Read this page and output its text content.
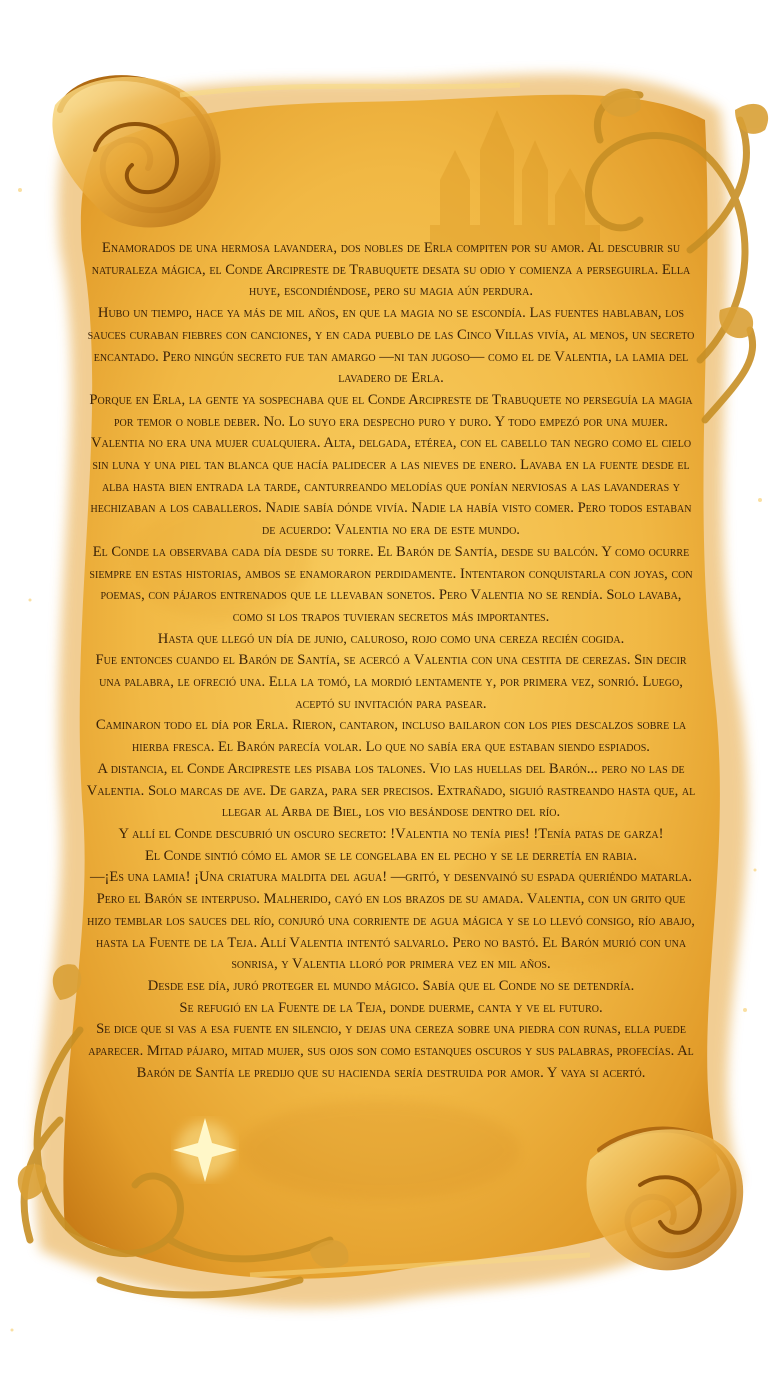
Enamorados de una hermosa lavandera, dos nobles de Erla compiten por su amor. Al descubrir su naturaleza mágica, el Conde Arcipreste de Trabuquete desata su odio y comienza a perseguirla. Ella huye, escondiéndose, pero su magia aún perdura.

Hubo un tiempo, hace ya más de mil años, en que la magia no se escondía. Las fuentes hablaban, los sauces curaban fiebres con canciones, y en cada pueblo de las Cinco Villas vivía, al menos, un secreto encantado. Pero ningún secreto fue tan amargo —ni tan jugoso— como el de Valentia, la lamia del lavadero de Erla.

Porque en Erla, la gente ya sospechaba que el Conde Arcipreste de Trabuquete no perseguía la magia por temor o noble deber. No. Lo suyo era despecho puro y duro. Y todo empezó por una mujer.

Valentia no era una mujer cualquiera. Alta, delgada, etérea, con el cabello tan negro como el cielo sin luna y una piel tan blanca que hacía palidecer a las nieves de enero. Lavaba en la fuente desde el alba hasta bien entrada la tarde, canturreando melodías que ponían nerviosas a las lavanderas y hechizaban a los caballeros. Nadie sabía dónde vivía. Nadie la había visto comer. Pero todos estaban de acuerdo: Valentia no era de este mundo.

El Conde la observaba cada día desde su torre. El Barón de Santía, desde su balcón. Y como ocurre siempre en estas historias, ambos se enamoraron perdidamente. Intentaron conquistarla con joyas, con poemas, con pájaros entrenados que le llevaban sonetos. Pero Valentia no se rendía. Solo lavaba, como si los trapos tuvieran secretos más importantes.

Hasta que llegó un día de junio, caluroso, rojo como una cereza recién cogida.

Fue entonces cuando el Barón de Santía, se acercó a Valentia con una cestita de cerezas. Sin decir una palabra, le ofreció una. Ella la tomó, la mordió lentamente y, por primera vez, sonrió. Luego, aceptó su invitación para pasear.

Caminaron todo el día por Erla. Rieron, cantaron, incluso bailaron con los pies descalzos sobre la hierba fresca. El Barón parecía volar. Lo que no sabía era que estaban siendo espiados.

A distancia, el Conde Arcipreste les pisaba los talones. Vio las huellas del Barón... pero no las de Valentia. Solo marcas de ave. De garza, para ser precisos. Extrañado, siguió rastreando hasta que, al llegar al Arba de Biel, los vio besándose dentro del río.

Y allí el Conde descubrió un oscuro secreto: !Valentia no tenía pies! !Tenía patas de garza!

El Conde sintió cómo el amor se le congelaba en el pecho y se le derretía en rabia.

—¡Es una lamia! ¡Una criatura maldita del agua! —gritó, y desenvainó su espada queriéndo matarla.

Pero el Barón se interpuso. Malherido, cayó en los brazos de su amada. Valentia, con un grito que hizo temblar los sauces del río, conjuró una corriente de agua mágica y se lo llevó consigo, río abajo, hasta la Fuente de la Teja. Allí Valentia intentó salvarlo. Pero no bastó. El Barón murió con una sonrisa, y Valentia lloró por primera vez en mil años.

Desde ese día, juró proteger el mundo mágico. Sabía que el Conde no se detendría.

Se refugió en la Fuente de la Teja, donde duerme, canta y ve el futuro.

Se dice que si vas a esa fuente en silencio, y dejas una cereza sobre una piedra con runas, ella puede aparecer. Mitad pájaro, mitad mujer, sus ojos son como estanques oscuros y sus palabras, profecías. Al Barón de Santía le predijo que su hacienda sería destruida por amor. Y vaya si acertó.
